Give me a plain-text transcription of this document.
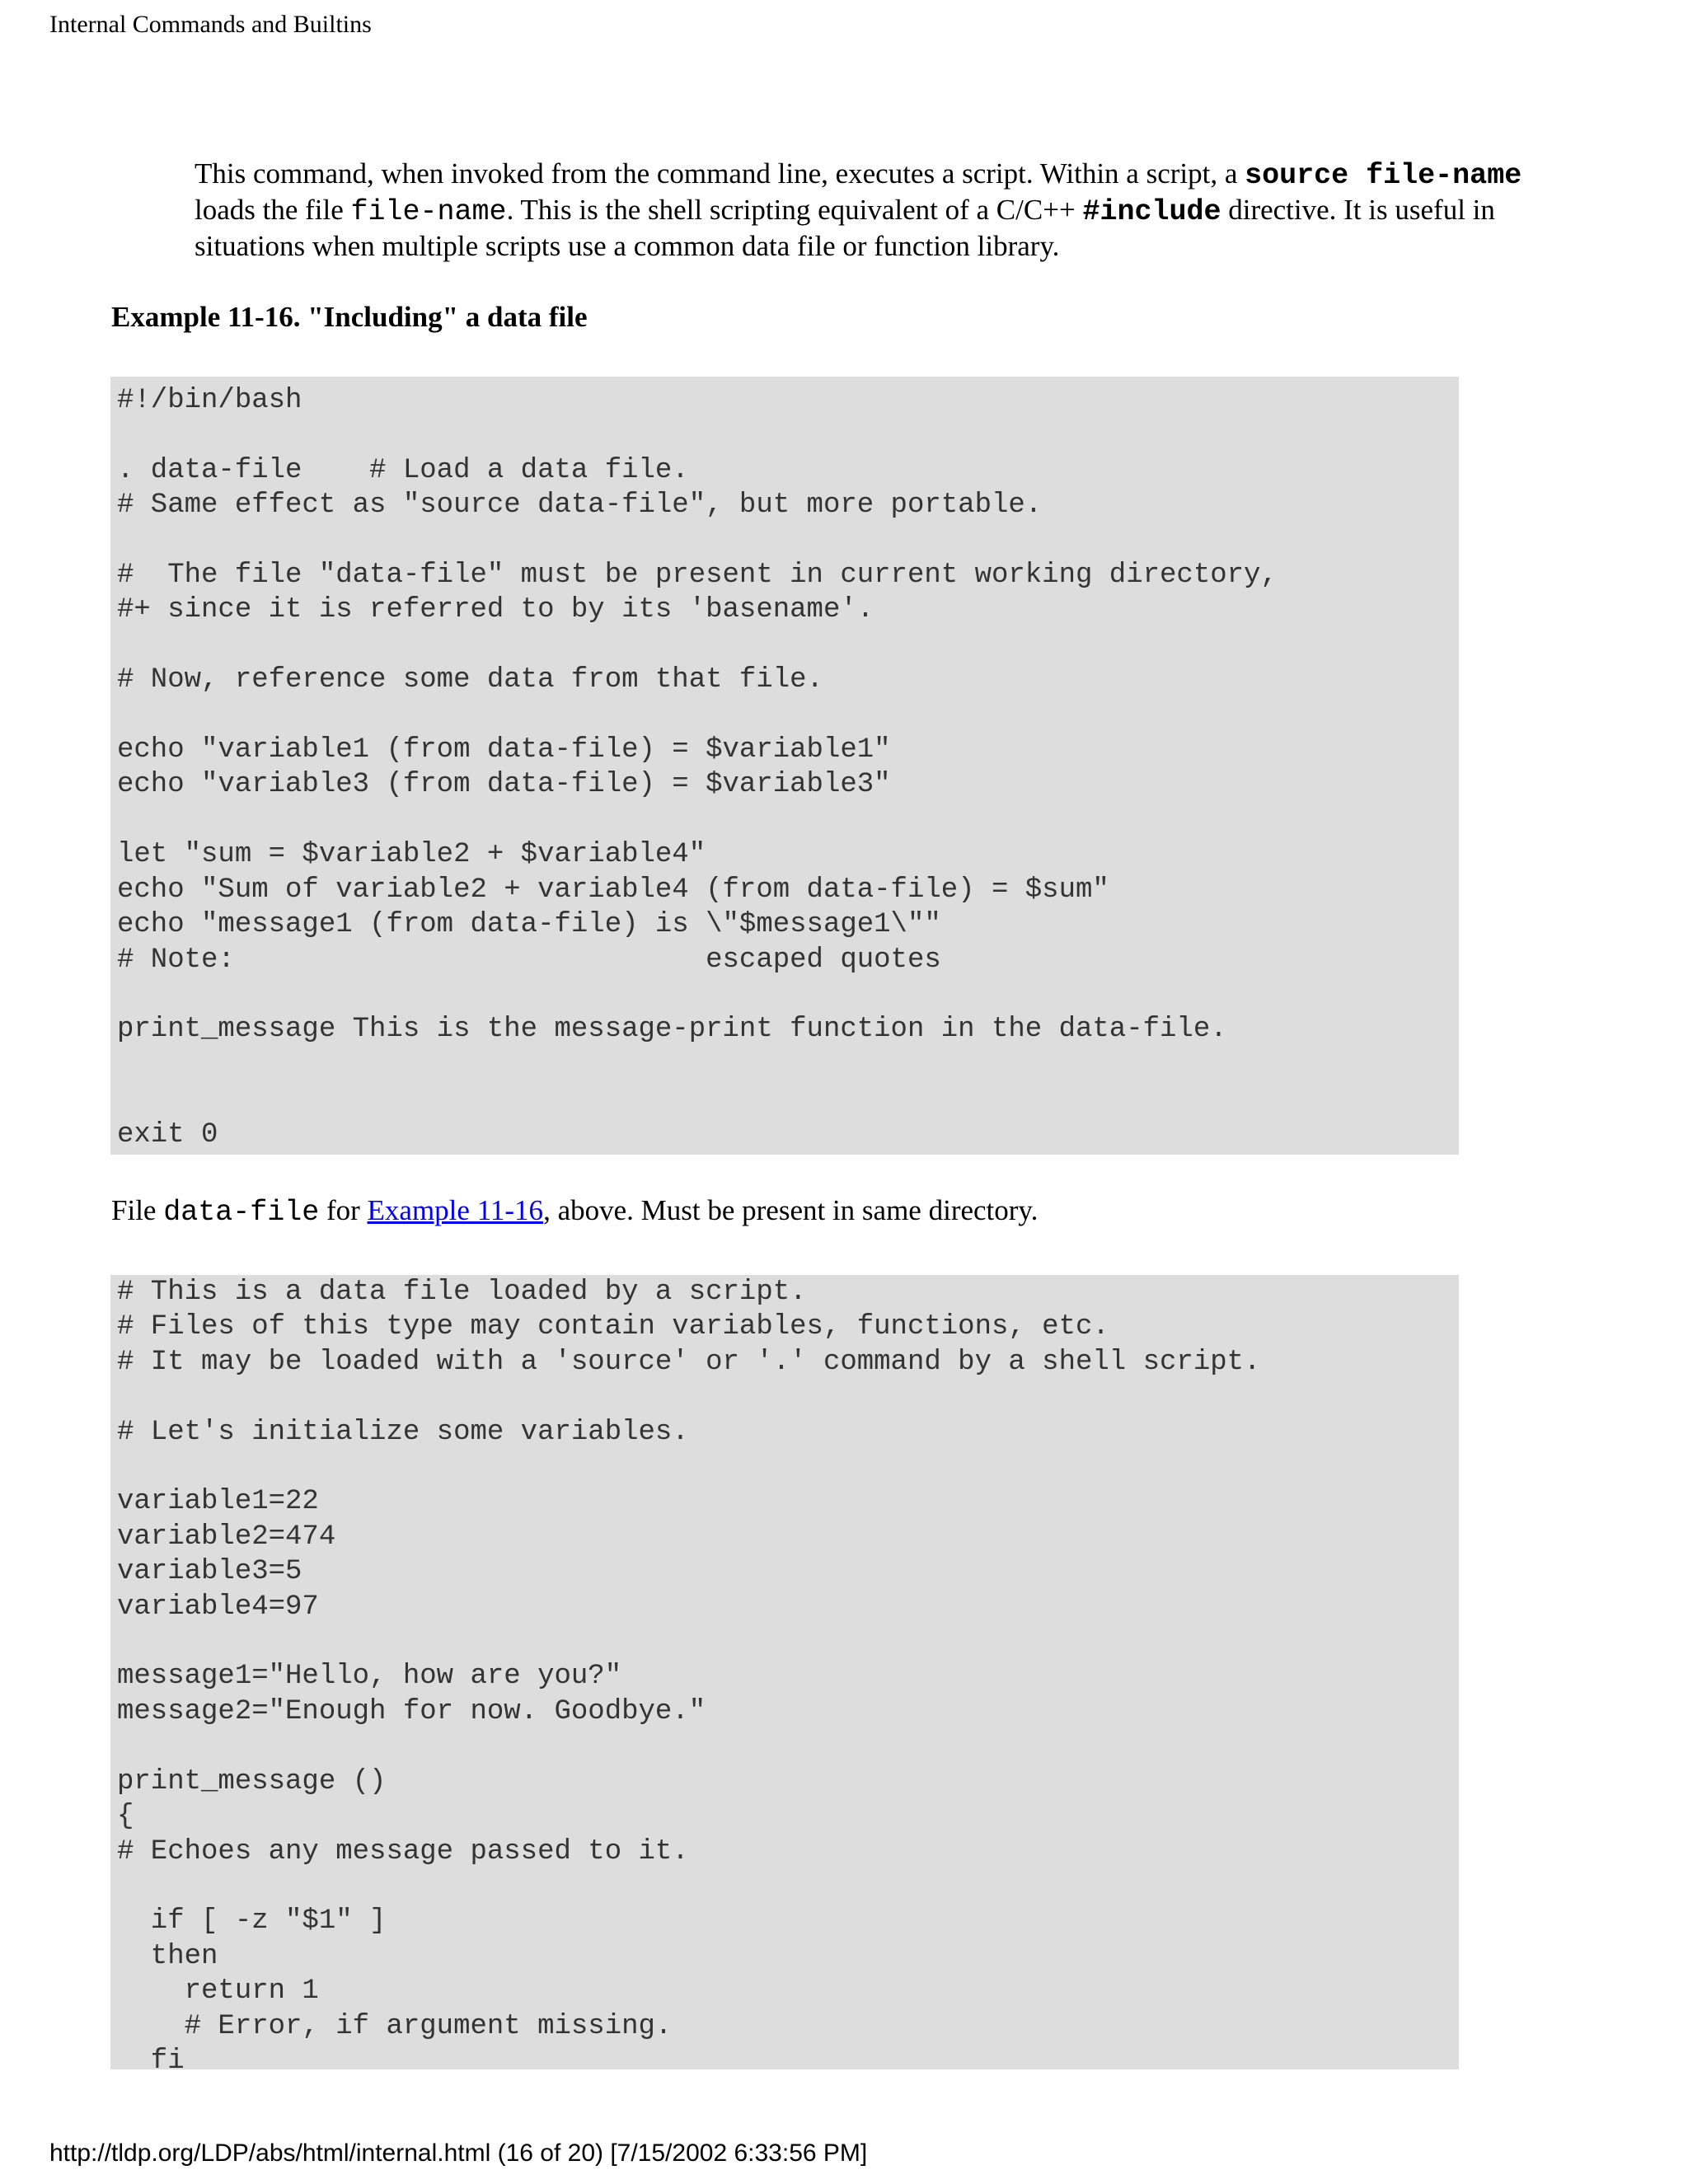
Internal Commands and Builtins

This command, when invoked from the command line, executes a script. Within a script, a source file-name loads the file file-name. This is the shell scripting equivalent of a C/C++ #include directive. It is useful in situations when multiple scripts use a common data file or function library.

Example 11-16. "Including" a data file
#!/bin/bash

. data-file    # Load a data file.
# Same effect as "source data-file", but more portable.

#  The file "data-file" must be present in current working directory,
#+ since it is referred to by its 'basename'.

# Now, reference some data from that file.

echo "variable1 (from data-file) = $variable1"
echo "variable3 (from data-file) = $variable3"

let "sum = $variable2 + $variable4"
echo "Sum of variable2 + variable4 (from data-file) = $sum"
echo "message1 (from data-file) is \"$message1\""
# Note:                            escaped quotes

print_message This is the message-print function in the data-file.

exit 0
File data-file for Example 11-16, above. Must be present in same directory.
# This is a data file loaded by a script.
# Files of this type may contain variables, functions, etc.
# It may be loaded with a 'source' or '.' command by a shell script.

# Let's initialize some variables.

variable1=22
variable2=474
variable3=5
variable4=97

message1="Hello, how are you?"
message2="Enough for now. Goodbye."

print_message ()
{
# Echoes any message passed to it.

if [ -z "$1" ]
then
return 1
# Error, if argument missing.
fi
http://tldp.org/LDP/abs/html/internal.html (16 of 20) [7/15/2002 6:33:56 PM]
